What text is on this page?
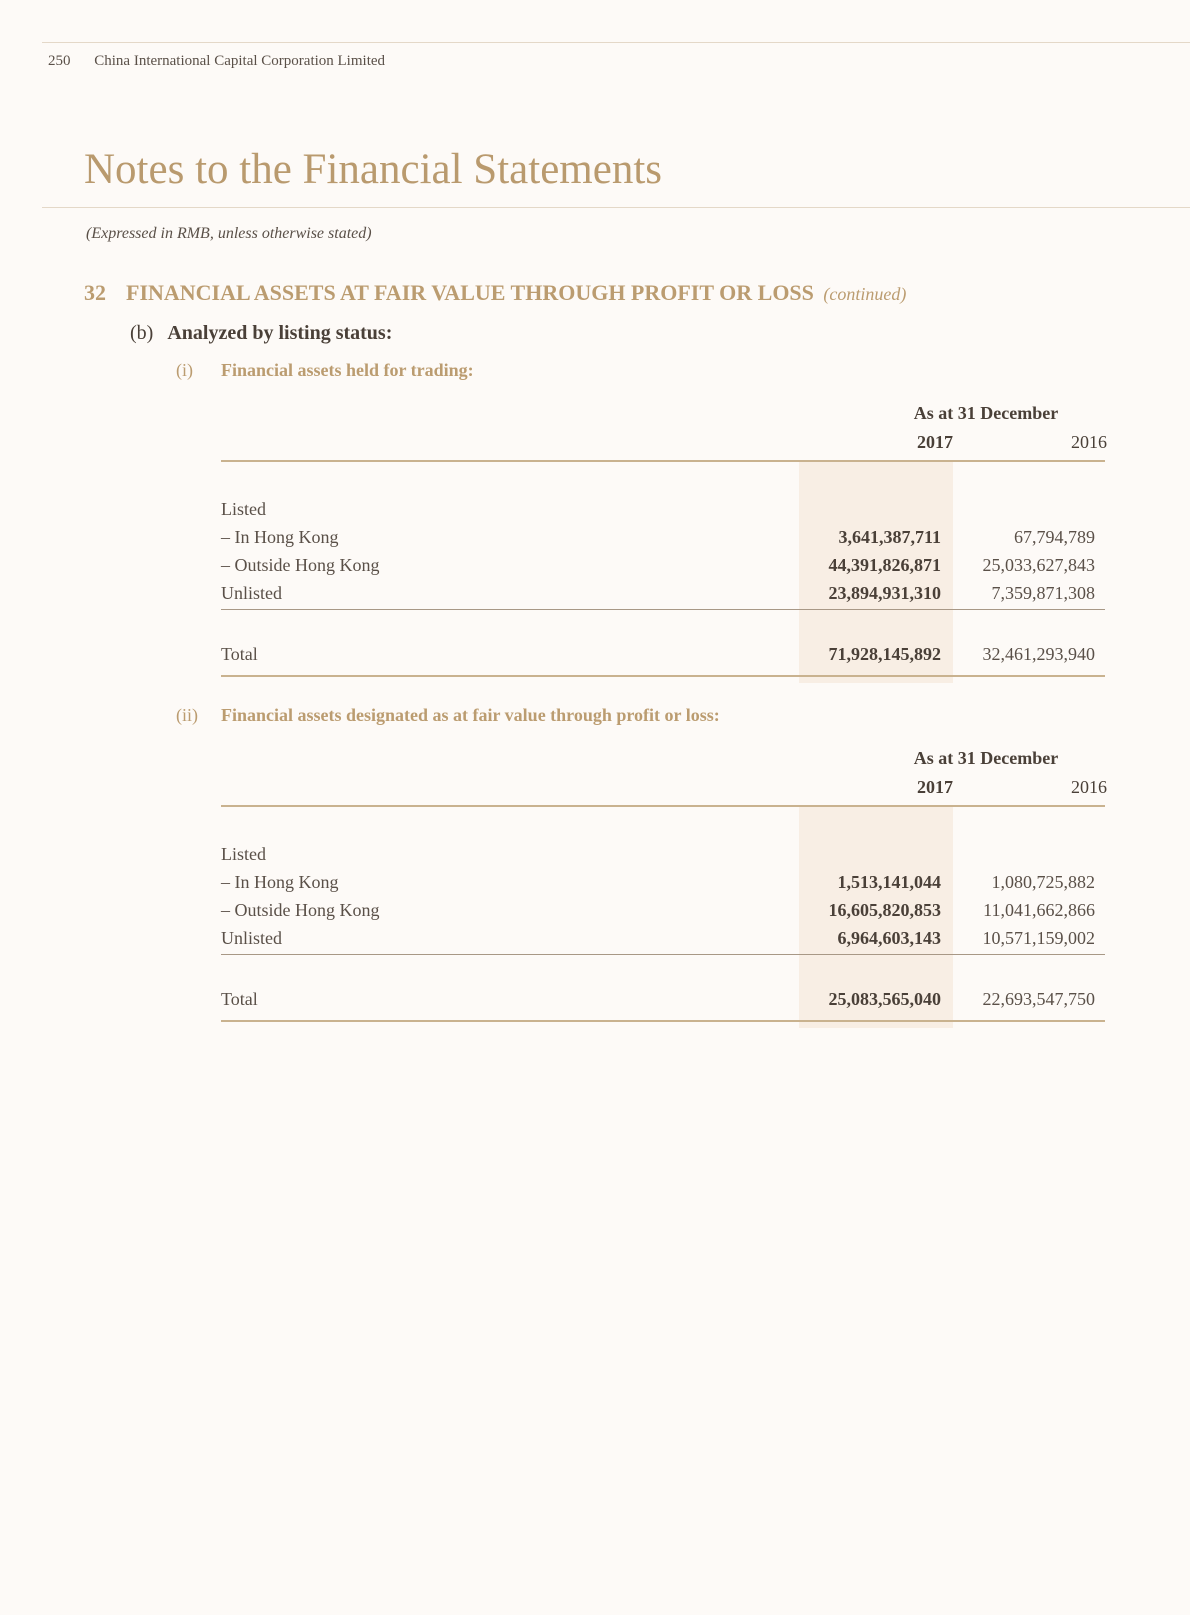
250 China International Capital Corporation Limited
Notes to the Financial Statements
(Expressed in RMB, unless otherwise stated)
32 FINANCIAL ASSETS AT FAIR VALUE THROUGH PROFIT OR LOSS (continued)
(b) Analyzed by listing status:
(i) Financial assets held for trading:
As at 31 December
2017	2016
Listed
– In Hong Kong	3,641,387,711	67,794,789
– Outside Hong Kong	44,391,826,871	25,033,627,843
Unlisted	23,894,931,310	7,359,871,308
Total	71,928,145,892	32,461,293,940
(ii) Financial assets designated as at fair value through profit or loss:
As at 31 December
2017	2016
Listed
– In Hong Kong	1,513,141,044	1,080,725,882
– Outside Hong Kong	16,605,820,853	11,041,662,866
Unlisted	6,964,603,143	10,571,159,002
Total	25,083,565,040	22,693,547,750
